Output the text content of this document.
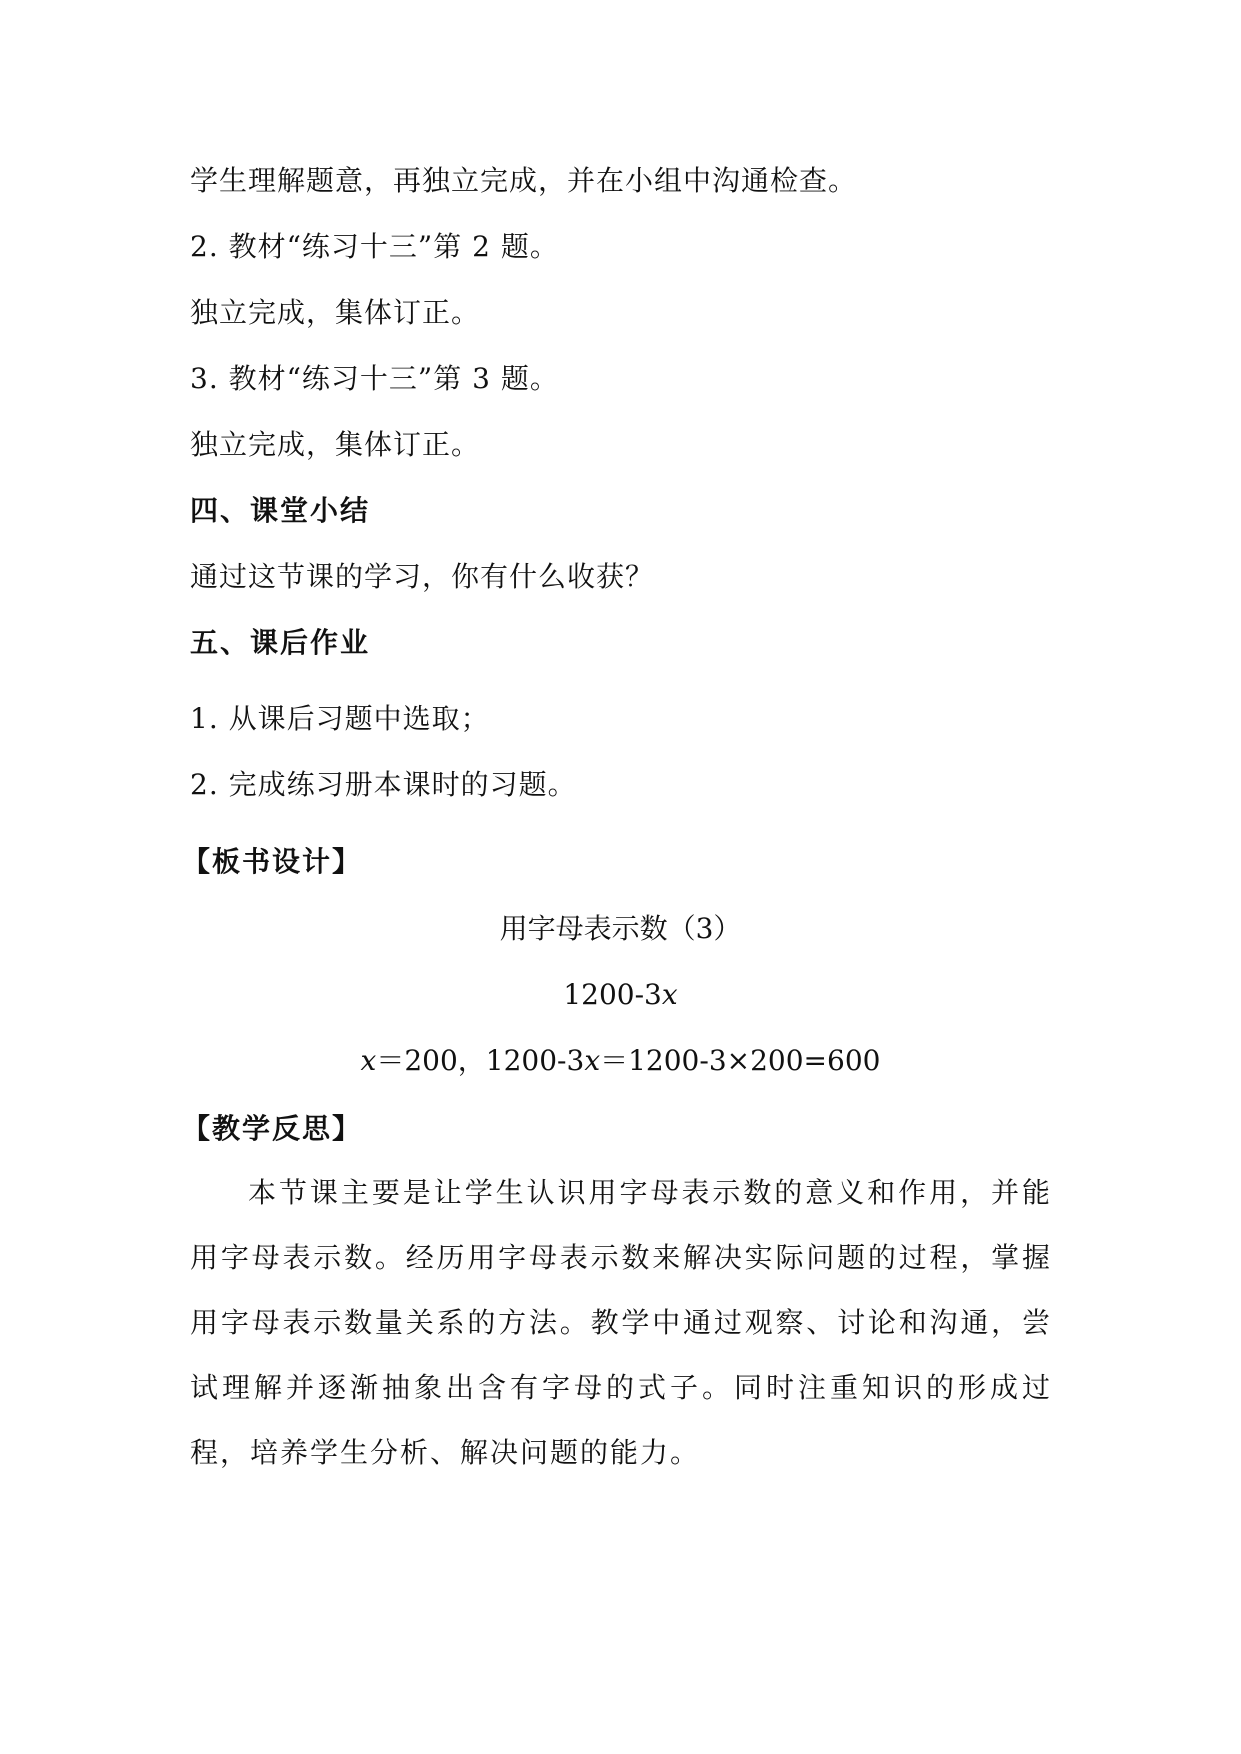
学生理解题意，再独立完成，并在小组中沟通检查。
2. 教材“练习十三”第 2 题。
独立完成，集体订正。
3. 教材“练习十三”第 3 题。
独立完成，集体订正。
四、课堂小结
通过这节课的学习，你有什么收获？
五、课后作业
1. 从课后习题中选取；
2. 完成练习册本课时的习题。
【板书设计】
用字母表示数（3）
1200-3x
x＝200，1200-3x＝1200-3×200=600
【教学反思】
本节课主要是让学生认识用字母表示数的意义和作用，并能用字母表示数。经历用字母表示数来解决实际问题的过程，掌握用字母表示数量关系的方法。教学中通过观察、讨论和沟通，尝试理解并逐渐抽象出含有字母的式子。同时注重知识的形成过程，培养学生分析、解决问题的能力。
